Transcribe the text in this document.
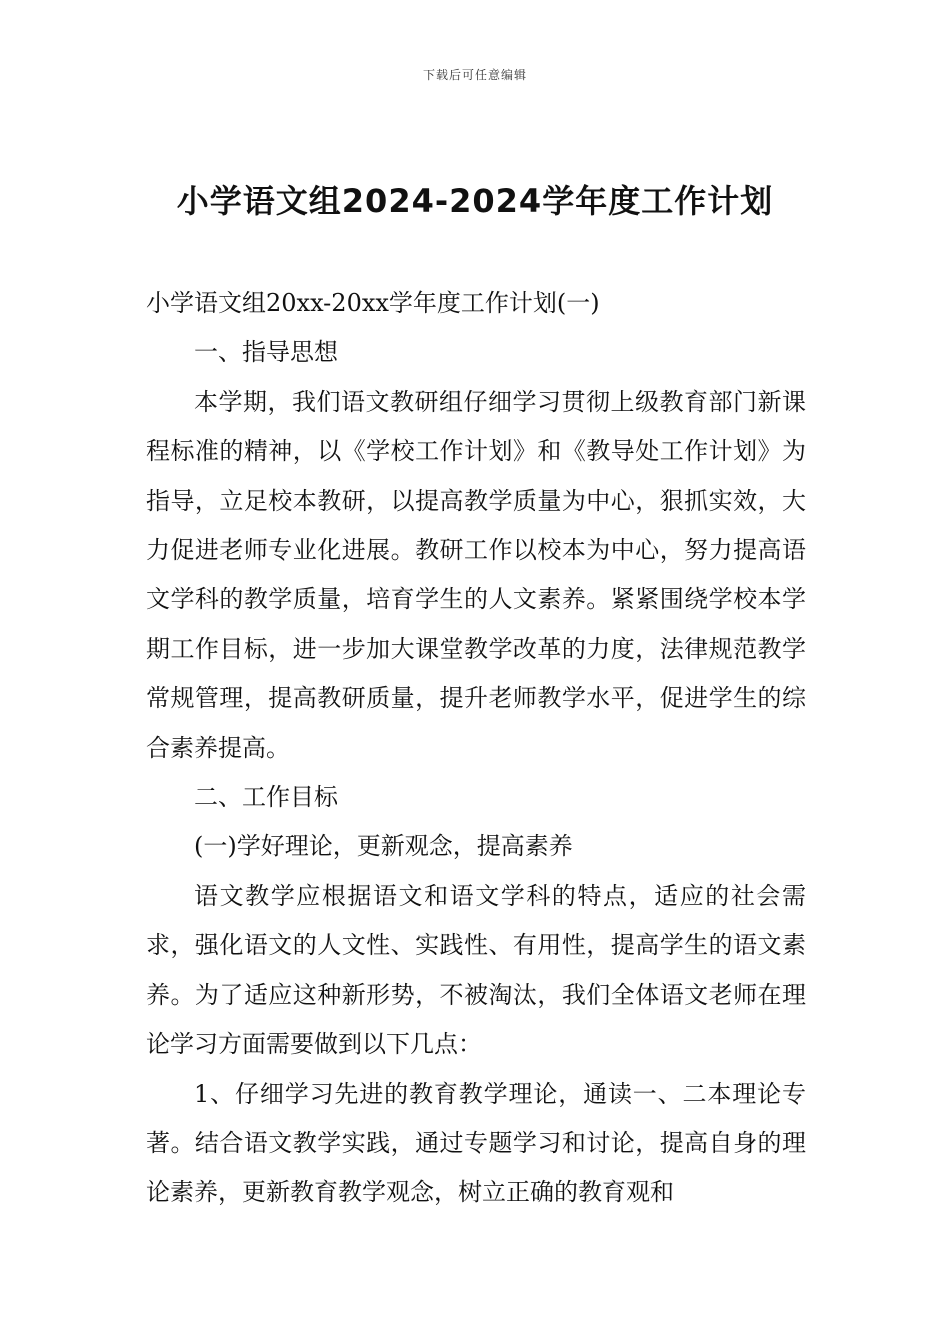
下载后可任意编辑
小学语文组2024-2024学年度工作计划

小学语文组20xx-20xx学年度工作计划(一)

一、指导思想

本学期，我们语文教研组仔细学习贯彻上级教育部门新课程标准的精神，以《学校工作计划》和《教导处工作计划》为指导，立足校本教研，以提高教学质量为中心，狠抓实效，大力促进老师专业化进展。教研工作以校本为中心，努力提高语文学科的教学质量，培育学生的人文素养。紧紧围绕学校本学期工作目标，进一步加大课堂教学改革的力度，法律规范教学常规管理，提高教研质量，提升老师教学水平，促进学生的综合素养提高。

二、工作目标

(一)学好理论，更新观念，提高素养

语文教学应根据语文和语文学科的特点，适应的社会需求，强化语文的人文性、实践性、有用性，提高学生的语文素养。为了适应这种新形势，不被淘汰，我们全体语文老师在理论学习方面需要做到以下几点：

1、仔细学习先进的教育教学理论，通读一、二本理论专著。结合语文教学实践，通过专题学习和讨论，提高自身的理论素养，更新教育教学观念，树立正确的教育观和
